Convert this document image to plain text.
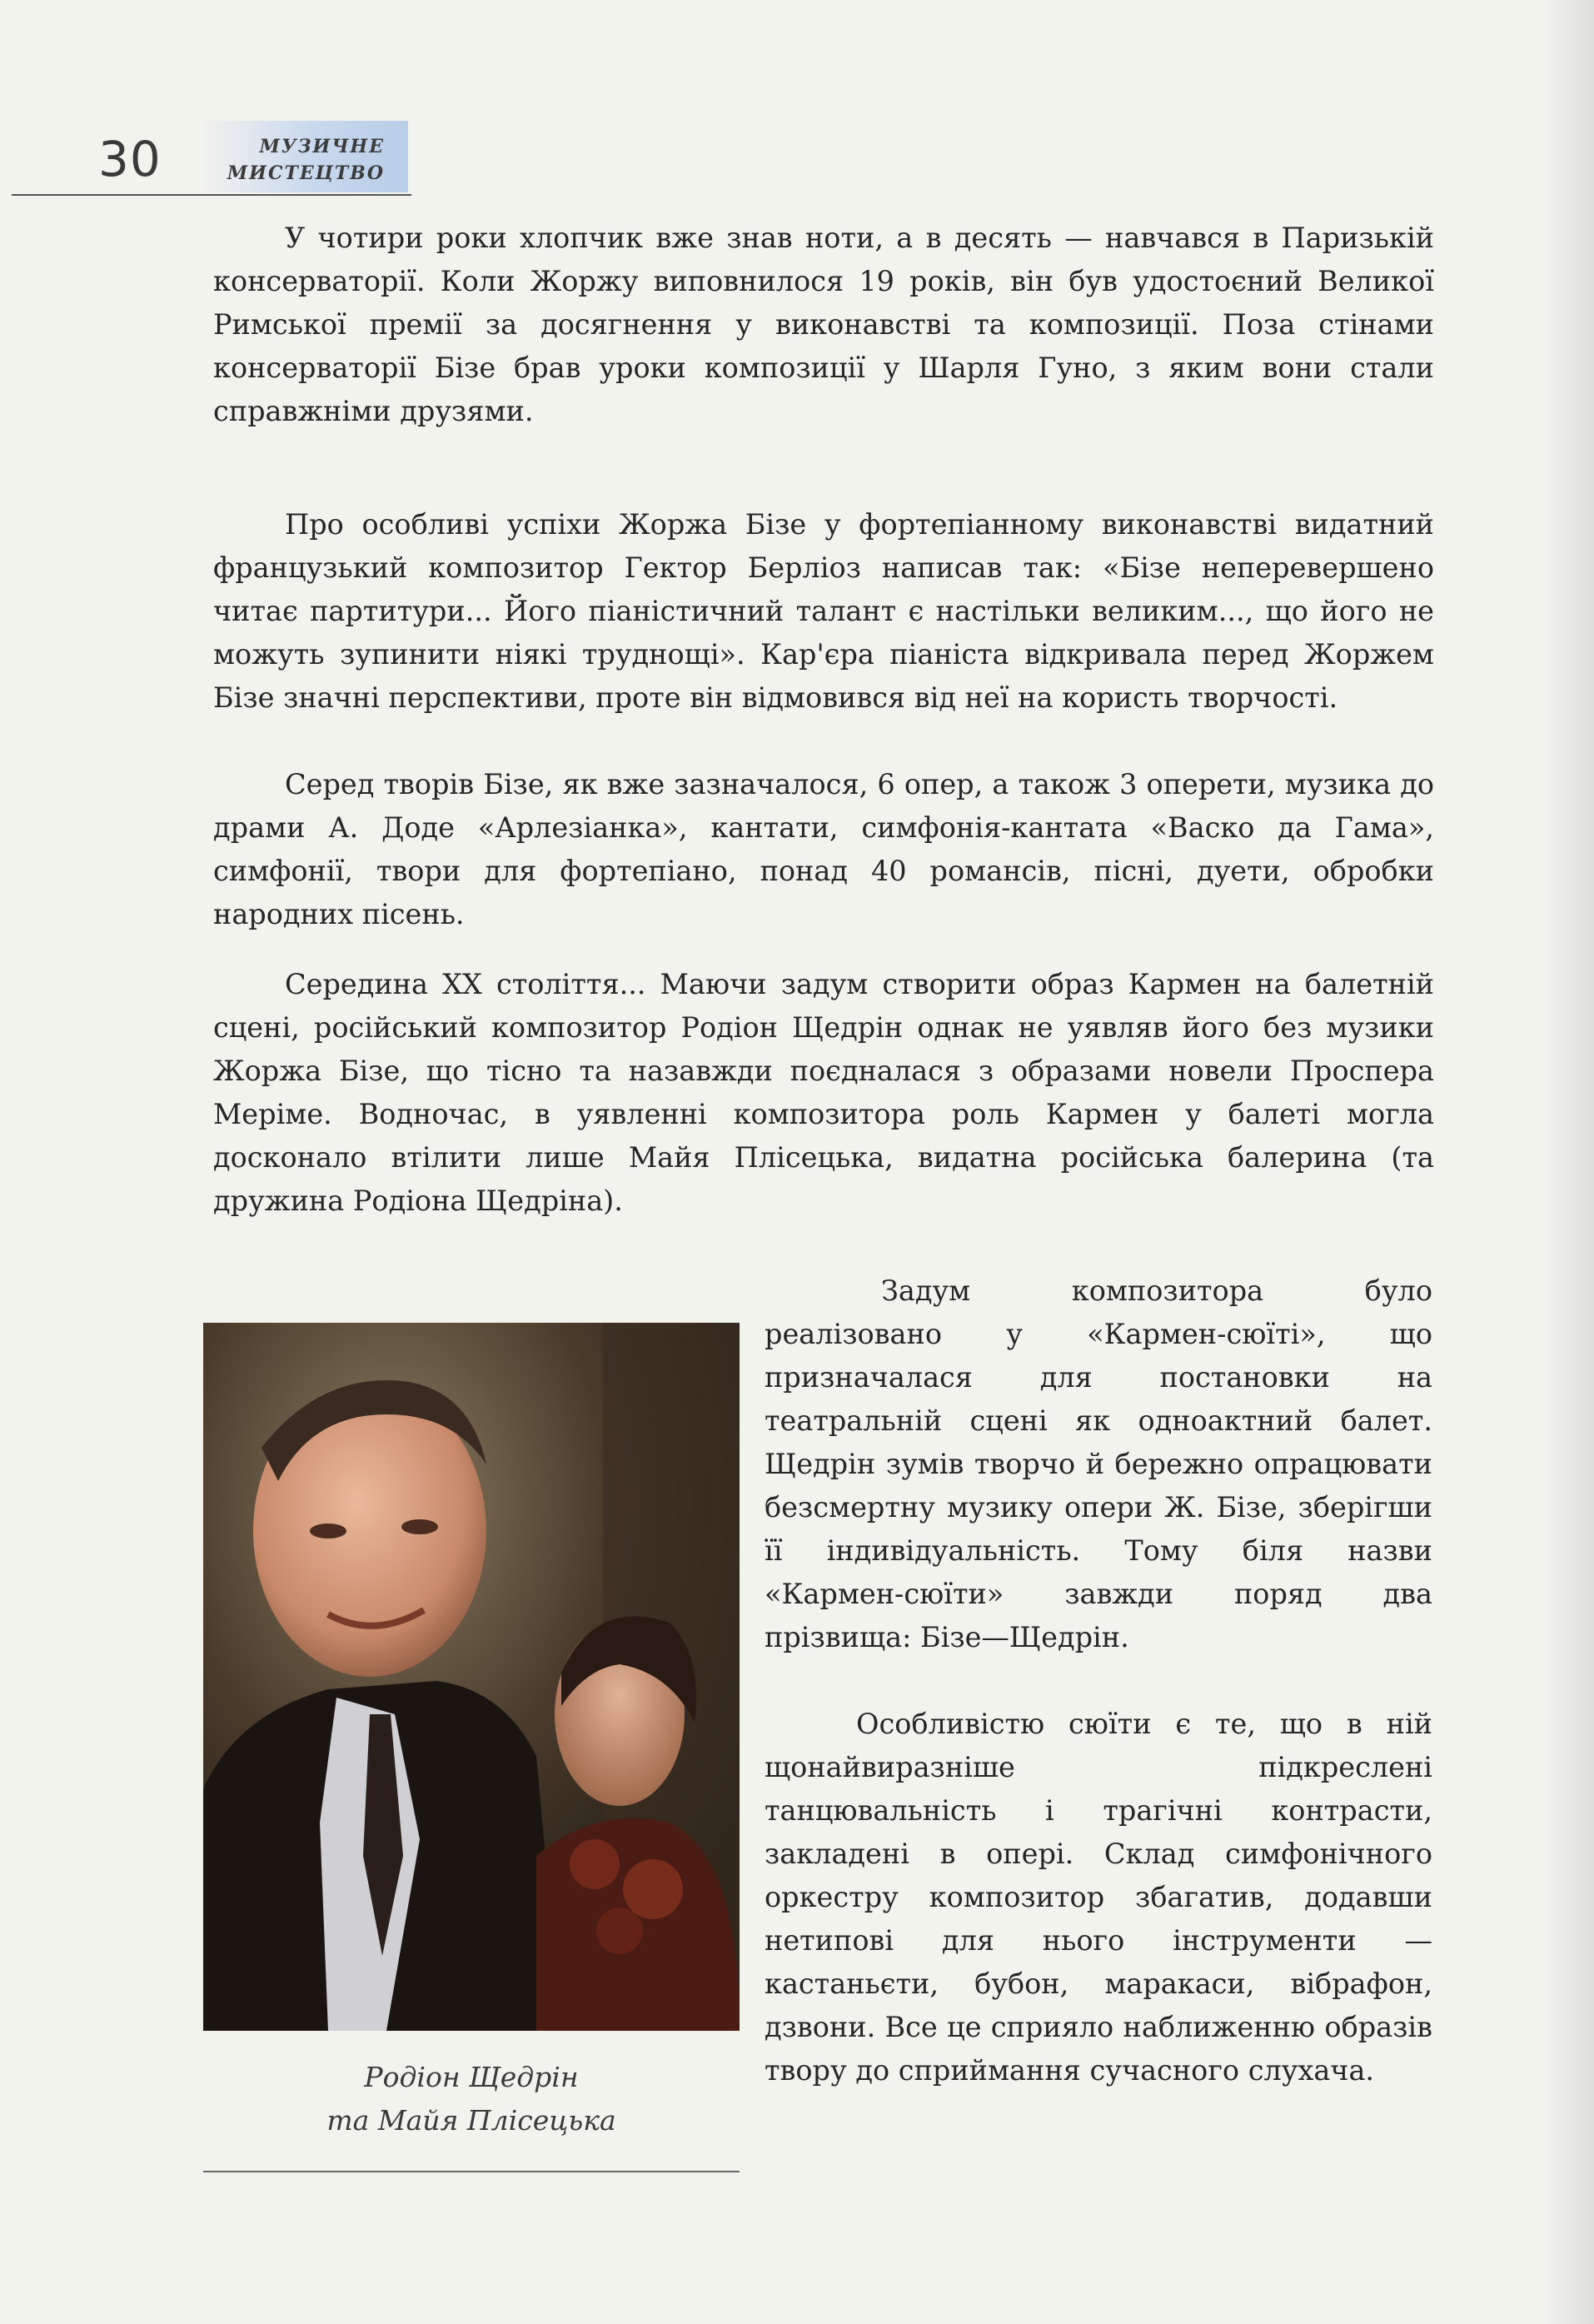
30	МУЗИЧНЕ
МИСТЕЦТВО

У чотири роки хлопчик вже знав ноти, а в десять — навчався в Паризькій консерваторії. Коли Жоржу виповнилося 19 років, він був удостоєний Великої Римської премії за досягнення у виконавстві та композиції. Поза стінами консерваторії Бізе брав уроки композиції у Шарля Гуно, з яким вони стали справжніми друзями.

Про особливі успіхи Жоржа Бізе у фортепіанному виконавстві видатний французький композитор Гектор Берліоз написав так: «Бізе неперевершено читає партитури... Його піаністичний талант є настільки великим..., що його не можуть зупинити ніякі труднощі». Кар'єра піаніста відкривала перед Жоржем Бізе значні перспективи, проте він відмовився від неї на користь творчості.

Серед творів Бізе, як вже зазначалося, 6 опер, а також 3 оперети, музика до драми А. Доде «Арлезіанка», кантати, симфонія-кантата «Васко да Гама», симфонії, твори для фортепіано, понад 40 романсів, пісні, дуети, обробки народних пісень.

Середина XX століття... Маючи задум створити образ Кармен на балетній сцені, російський композитор Родіон Щедрін однак не уявляв його без музики Жоржа Бізе, що тісно та назавжди поєдналася з образами новели Проспера Меріме. Водночас, в уявленні композитора роль Кармен у балеті могла досконало втілити лише Майя Плісецька, видатна російська балерина (та дружина Родіона Щедріна).

Задум композитора було реалізовано у «Кармен-сюїті», що призначалася для постановки на театральній сцені як одноактний балет. Щедрін зумів творчо й бережно опрацювати безсмертну музику опери Ж. Бізе, зберігши її індивідуальність. Тому біля назви «Кармен-сюїти» завжди поряд два прізвища: Бізе—Щедрін.

Особливістю сюїти є те, що в ній щонайвиразніше підкреслені танцювальність і трагічні контрасти, закладені в опері. Склад симфонічного оркестру композитор збагатив, додавши нетипові для нього інструменти — кастаньєти, бубон, маракаси, вібрафон, дзвони. Все це сприяло наближенню образів твору до сприймання сучасного слухача.

Родіон Щедрін
та Майя Плісецька
